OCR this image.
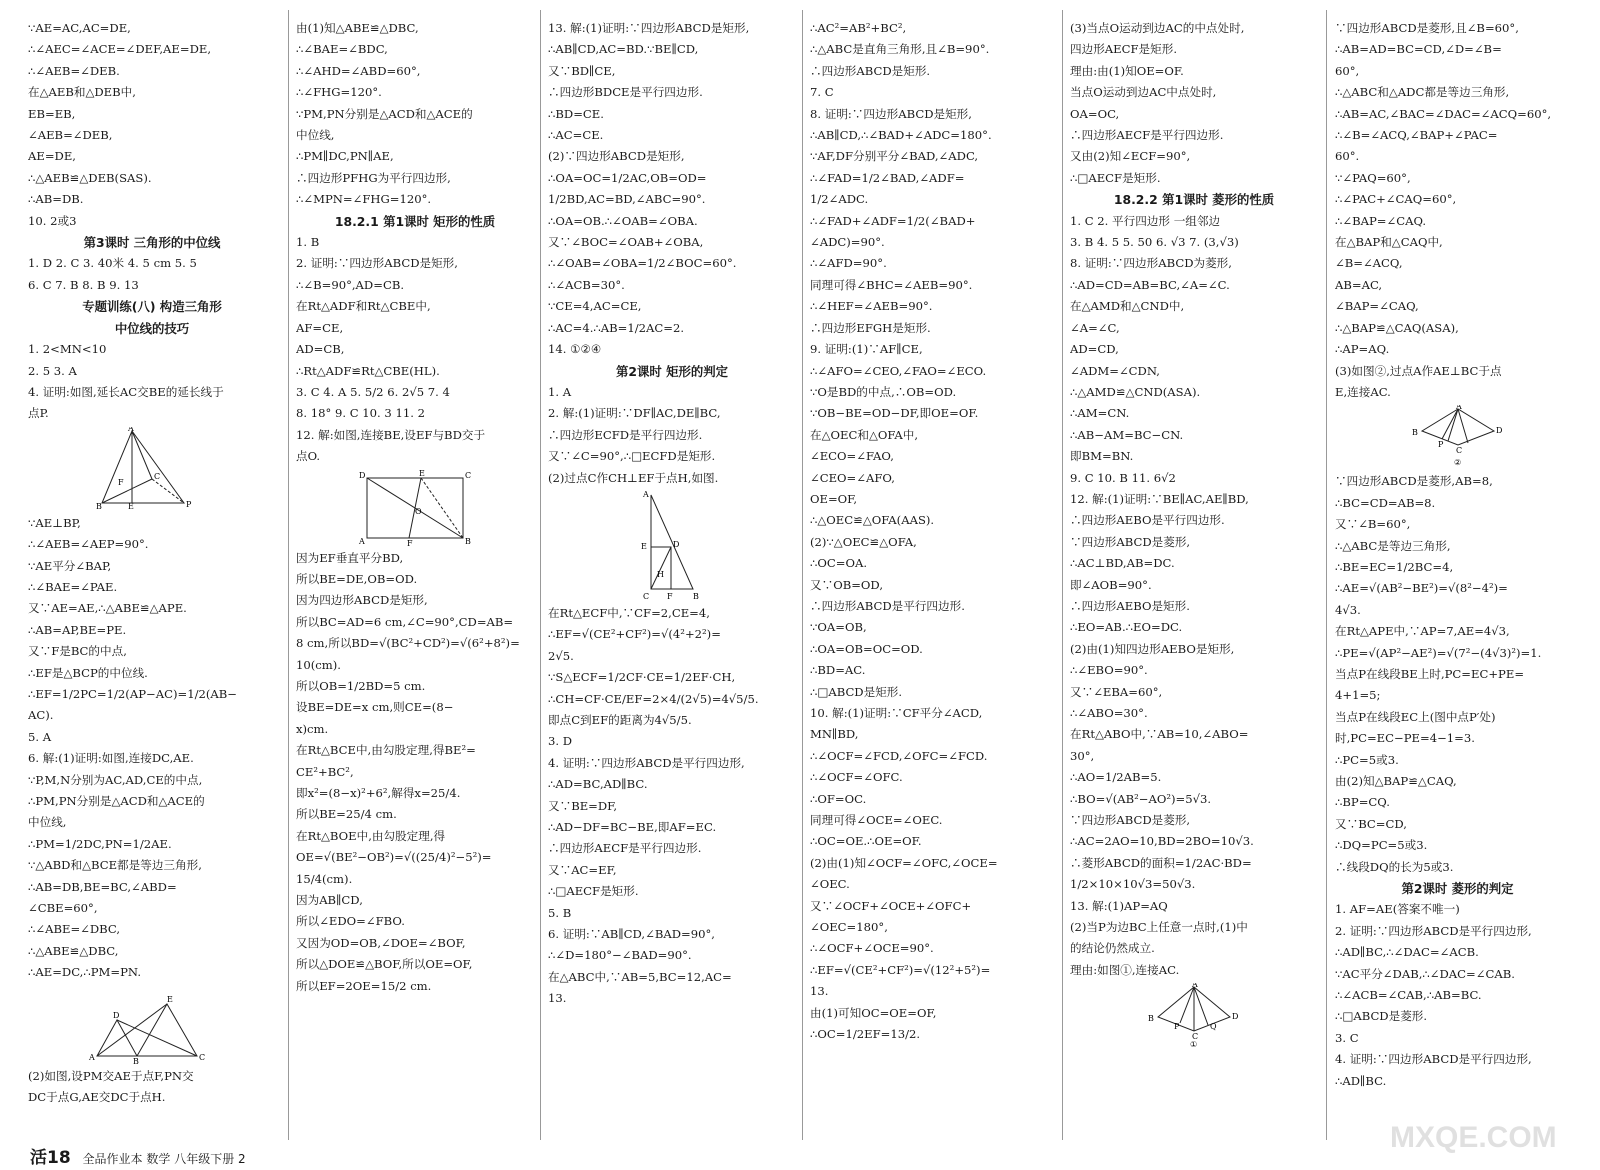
∵AE=AC,AC=DE,
∴∠AEC=∠ACE=∠DEF,AE=DE,
∴∠AEB=∠DEB.
在△AEB和△DEB中,
EB=EB,
∠AEB=∠DEB,
AE=DE,
∴△AEB≌△DEB(SAS).
∴AB=DB.
10. 2或3
第3课时 三角形的中位线
1. D 2. C 3. 40米 4. 5 cm 5. 5
6. C 7. B 8. B 9. 13
专题训练(八) 构造三角形
中位线的技巧
1. 2<MN<10
2. 5 3. A
4. 证明:如图,延长AC交BE的延长线于
点P.
A
B
C
E	P
F
∵AE⊥BP,
∴∠AEB=∠AEP=90°.
∵AE平分∠BAP,
∴∠BAE=∠PAE.
又∵AE=AE,∴△ABE≌△APE.
∴AB=AP,BE=PE.
又∵F是BC的中点,
∴EF是△BCP的中位线.
∴EF=1/2PC=1/2(AP−AC)=1/2(AB−
AC).
5. A
6. 解:(1)证明:如图,连接DC,AE.
∵P,M,N分别为AC,AD,CE的中点,
∴PM,PN分别是△ACD和△ACE的
中位线,
∴PM=1/2DC,PN=1/2AE.
∵△ABD和△BCE都是等边三角形,
∴AB=DB,BE=BC,∠ABD=
∠CBE=60°,
∴∠ABE=∠DBC,
∴△ABE≌△DBC,
∴AE=DC,∴PM=PN.
D
A	B	C
E
(2)如图,设PM交AE于点F,PN交
DC于点G,AE交DC于点H.
由(1)知△ABE≌△DBC,
∴∠BAE=∠BDC,
∴∠AHD=∠ABD=60°,
∴∠FHG=120°.
∵PM,PN分别是△ACD和△ACE的
中位线,
∴PM∥DC,PN∥AE,
∴四边形PFHG为平行四边形,
∴∠MPN=∠FHG=120°.
18.2.1 第1课时 矩形的性质
1. B
2. 证明:∵四边形ABCD是矩形,
∴∠B=90°,AD=CB.
在Rt△ADF和Rt△CBE中,
AF=CE,
AD=CB,
∴Rt△ADF≌Rt△CBE(HL).
3. C 4. A 5. 5/2 6. 2√5 7. 4
8. 18° 9. C 10. 3 11. 2
12. 解:如图,连接BE,设EF与BD交于
点O.
D	E	C
A	F	B
O
因为EF垂直平分BD,
所以BE=DE,OB=OD.
因为四边形ABCD是矩形,
所以BC=AD=6 cm,∠C=90°,CD=AB=
8 cm,所以BD=√(BC²+CD²)=√(6²+8²)=
10(cm).
所以OB=1/2BD=5 cm.
设BE=DE=x cm,则CE=(8−
x)cm.
在Rt△BCE中,由勾股定理,得BE²=
CE²+BC²,
即x²=(8−x)²+6²,解得x=25/4.
所以BE=25/4 cm.
在Rt△BOE中,由勾股定理,得
OE=√(BE²−OB²)=√((25/4)²−5²)=
15/4(cm).
因为AB∥CD,
所以∠EDO=∠FBO.
又因为OD=OB,∠DOE=∠BOF,
所以△DOE≌△BOF,所以OE=OF,
所以EF=2OE=15/2 cm.
13. 解:(1)证明:∵四边形ABCD是矩形,
∴AB∥CD,AC=BD.∵BE∥CD,
又∵BD∥CE,
∴四边形BDCE是平行四边形.
∴BD=CE.
∴AC=CE.
(2)∵四边形ABCD是矩形,
∴OA=OC=1/2AC,OB=OD=
1/2BD,AC=BD,∠ABC=90°.
∴OA=OB.∴∠OAB=∠OBA.
又∵∠BOC=∠OAB+∠OBA,
∴∠OAB=∠OBA=1/2∠BOC=60°.
∴∠ACB=30°.
∵CE=4,AC=CE,
∴AC=4.∴AB=1/2AC=2.
14. ①②④
第2课时 矩形的判定
1. A
2. 解:(1)证明:∵DF∥AC,DE∥BC,
∴四边形ECFD是平行四边形.
又∵∠C=90°,∴□ECFD是矩形.
(2)过点C作CH⊥EF于点H,如图.
A
E	D
C F	B
H
在Rt△ECF中,∵CF=2,CE=4,
∴EF=√(CE²+CF²)=√(4²+2²)=
2√5.
∵S△ECF=1/2CF·CE=1/2EF·CH,
∴CH=CF·CE/EF=2×4/(2√5)=4√5/5.
即点C到EF的距离为4√5/5.
3. D
4. 证明:∵四边形ABCD是平行四边形,
∴AD=BC,AD∥BC.
又∵BE=DF,
∴AD−DF=BC−BE,即AF=EC.
∴四边形AECF是平行四边形.
又∵AC=EF,
∴□AECF是矩形.
5. B
6. 证明:∵AB∥CD,∠BAD=90°,
∴∠D=180°−∠BAD=90°.
在△ABC中,∵AB=5,BC=12,AC=
13.
∴AC²=AB²+BC²,
∴△ABC是直角三角形,且∠B=90°.
∴四边形ABCD是矩形.
7. C
8. 证明:∵四边形ABCD是矩形,
∴AB∥CD,∴∠BAD+∠ADC=180°.
∵AF,DF分别平分∠BAD,∠ADC,
∴∠FAD=1/2∠BAD,∠ADF=
1/2∠ADC.
∴∠FAD+∠ADF=1/2(∠BAD+
∠ADC)=90°.
∴∠AFD=90°.
同理可得∠BHC=∠AEB=90°.
∴∠HEF=∠AEB=90°.
∴四边形EFGH是矩形.
9. 证明:(1)∵AF∥CE,
∴∠AFO=∠CEO,∠FAO=∠ECO.
∵O是BD的中点,∴OB=OD.
∵OB−BE=OD−DF,即OE=OF.
在△OEC和△OFA中,
∠ECO=∠FAO,
∠CEO=∠AFO,
OE=OF,
∴△OEC≌△OFA(AAS).
(2)∵△OEC≌△OFA,
∴OC=OA.
又∵OB=OD,
∴四边形ABCD是平行四边形.
∵OA=OB,
∴OA=OB=OC=OD.
∴BD=AC.
∴□ABCD是矩形.
10. 解:(1)证明:∵CF平分∠ACD,
MN∥BD,
∴∠OCF=∠FCD,∠OFC=∠FCD.
∴∠OCF=∠OFC.
∴OF=OC.
同理可得∠OCE=∠OEC.
∴OC=OE.∴OE=OF.
(2)由(1)知∠OCF=∠OFC,∠OCE=
∠OEC.
又∵∠OCF+∠OCE+∠OFC+
∠OEC=180°,
∴∠OCF+∠OCE=90°.
∴EF=√(CE²+CF²)=√(12²+5²)=
13.
由(1)可知OC=OE=OF,
∴OC=1/2EF=13/2.
(3)当点O运动到边AC的中点处时,
四边形AECF是矩形.
理由:由(1)知OE=OF.
当点O运动到边AC中点处时,
OA=OC,
∴四边形AECF是平行四边形.
又由(2)知∠ECF=90°,
∴□AECF是矩形.
18.2.2 第1课时 菱形的性质
1. C 2. 平行四边形 一组邻边
3. B 4. 5 5. 50 6. √3 7. (3,√3)
8. 证明:∵四边形ABCD为菱形,
∴AD=CD=AB=BC,∠A=∠C.
在△AMD和△CND中,
∠A=∠C,
AD=CD,
∠ADM=∠CDN,
∴△AMD≌△CND(ASA).
∴AM=CN.
∴AB−AM=BC−CN.
即BM=BN.
9. C 10. B 11. 6√2
12. 解:(1)证明:∵BE∥AC,AE∥BD,
∴四边形AEBO是平行四边形.
∵四边形ABCD是菱形,
∴AC⊥BD,AB=DC.
即∠AOB=90°.
∴四边形AEBO是矩形.
∴EO=AB.∴EO=DC.
(2)由(1)知四边形AEBO是矩形,
∴∠EBO=90°.
又∵∠EBA=60°,
∴∠ABO=30°.
在Rt△ABO中,∵AB=10,∠ABO=
30°,
∴AO=1/2AB=5.
∴BO=√(AB²−AO²)=5√3.
∵四边形ABCD是菱形,
∴AC=2AO=10,BD=2BO=10√3.
∴菱形ABCD的面积=1/2AC·BD=
1/2×10×10√3=50√3.
13. 解:(1)AP=AQ
(2)当P为边BC上任意一点时,(1)中
的结论仍然成立.
理由:如图①,连接AC.
A
B
P
C
Q
D
①
∵四边形ABCD是菱形,且∠B=60°,
∴AB=AD=BC=CD,∠D=∠B=
60°,
∴△ABC和△ADC都是等边三角形,
∴AB=AC,∠BAC=∠DAC=∠ACQ=60°,
∴∠B=∠ACQ,∠BAP+∠PAC=
60°.
∵∠PAQ=60°,
∴∠PAC+∠CAQ=60°,
∴∠BAP=∠CAQ.
在△BAP和△CAQ中,
∠B=∠ACQ,
AB=AC,
∠BAP=∠CAQ,
∴△BAP≌△CAQ(ASA),
∴AP=AQ.
(3)如图②,过点A作AE⊥BC于点
E,连接AC.
A
B
P
C
D
②
∵四边形ABCD是菱形,AB=8,
∴BC=CD=AB=8.
又∵∠B=60°,
∴△ABC是等边三角形,
∴BE=EC=1/2BC=4,
∴AE=√(AB²−BE²)=√(8²−4²)=
4√3.
在Rt△APE中,∵AP=7,AE=4√3,
∴PE=√(AP²−AE²)=√(7²−(4√3)²)=1.
当点P在线段BE上时,PC=EC+PE=
4+1=5;
当点P在线段EC上(图中点P′处)
时,PC=EC−PE=4−1=3.
∴PC=5或3.
由(2)知△BAP≌△CAQ,
∴BP=CQ.
又∵BC=CD,
∴DQ=PC=5或3.
∴线段DQ的长为5或3.
第2课时 菱形的判定
1. AF=AE(答案不唯一)
2. 证明:∵四边形ABCD是平行四边形,
∴AD∥BC,∴∠DAC=∠ACB.
∵AC平分∠DAB,∴∠DAC=∠CAB.
∴∠ACB=∠CAB,∴AB=BC.
∴□ABCD是菱形.
3. C
4. 证明:∵四边形ABCD是平行四边形,
∴AD∥BC.
活18 全品作业本 数学 八年级下册 2
MXQE.COM
